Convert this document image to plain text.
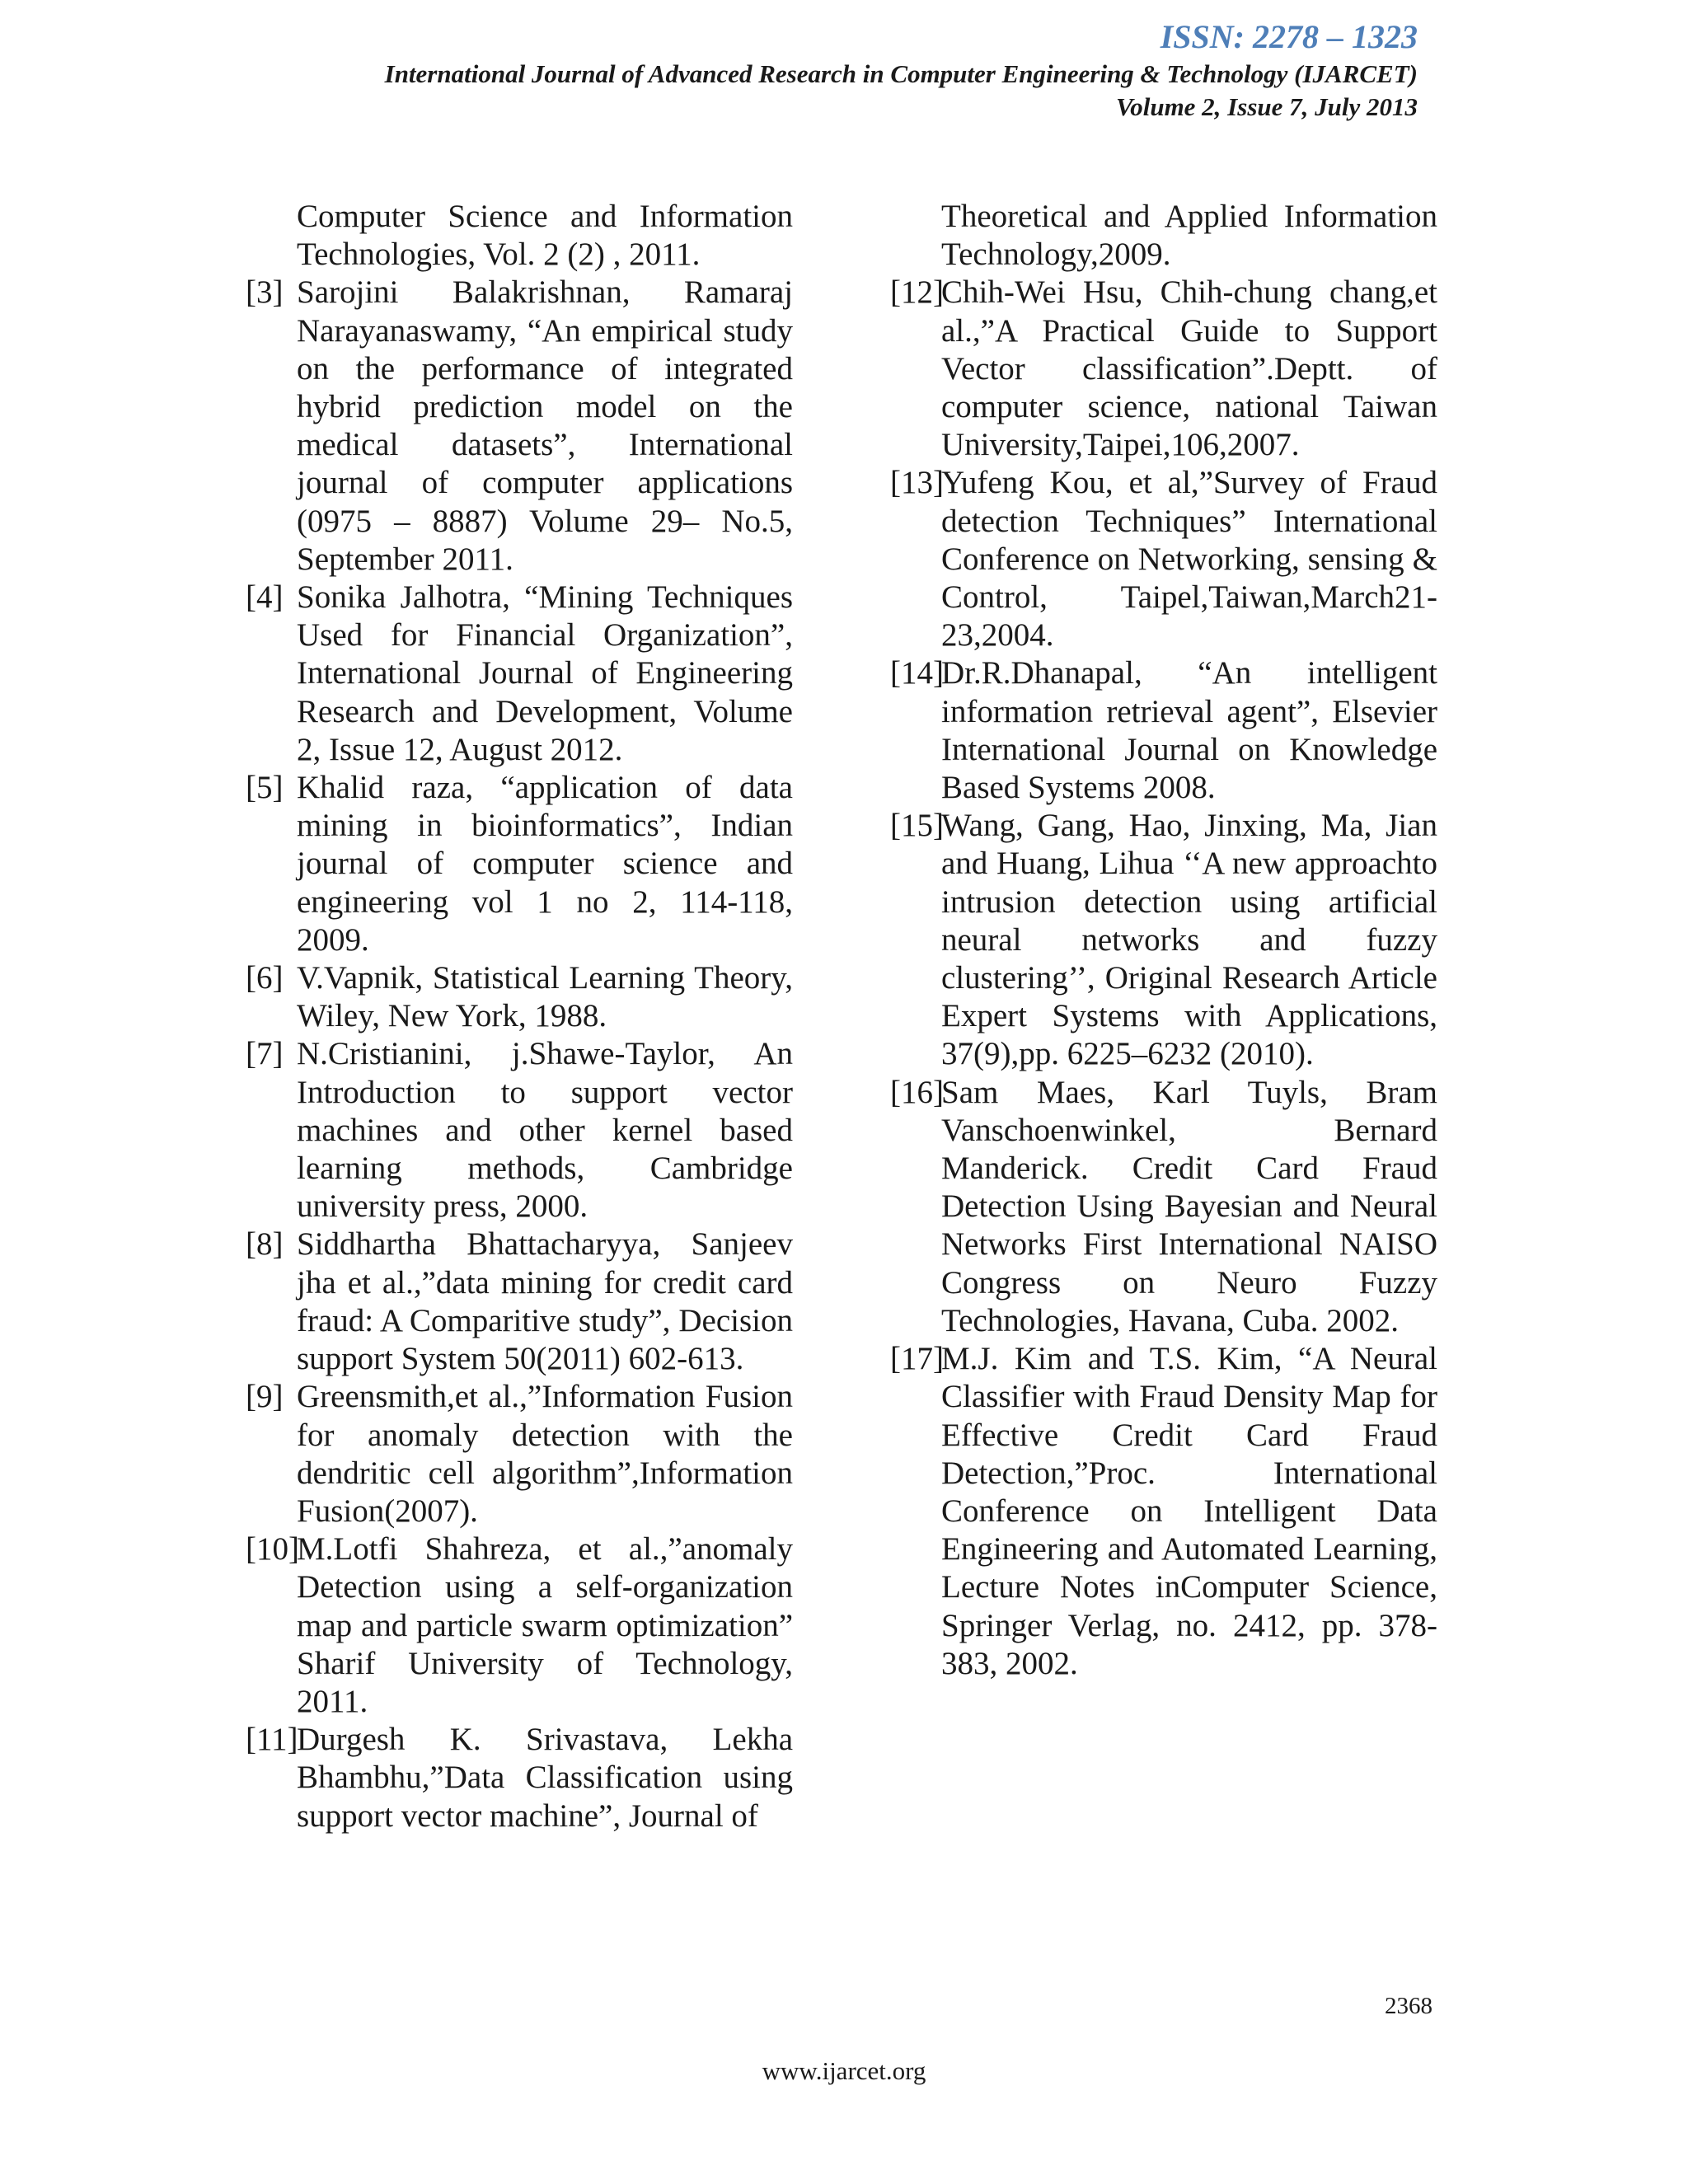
ISSN: 2278 – 1323
International Journal of Advanced Research in Computer Engineering & Technology (IJARCET)
Volume 2, Issue 7, July 2013
Computer Science and Information Technologies, Vol. 2 (2) , 2011.
[3] Sarojini Balakrishnan, Ramaraj Narayanaswamy, “An empirical study on the performance of integrated hybrid prediction model on the medical datasets”, International journal of computer applications (0975 – 8887) Volume 29– No.5, September 2011.
[4] Sonika Jalhotra, “Mining Techniques Used for Financial Organization”, International Journal of Engineering Research and Development, Volume 2, Issue 12, August 2012.
[5] Khalid raza, “application of data mining in bioinformatics”, Indian journal of computer science and engineering vol 1 no 2, 114-118, 2009.
[6] V.Vapnik, Statistical Learning Theory, Wiley, New York, 1988.
[7] N.Cristianini, j.Shawe-Taylor, An Introduction to support vector machines and other kernel based learning methods, Cambridge university press, 2000.
[8] Siddhartha Bhattacharyya, Sanjeev jha et al.,”data mining for credit card fraud: A Comparitive study”, Decision support System 50(2011) 602-613.
[9] Greensmith,et al.,”Information Fusion for anomaly detection with the dendritic cell algorithm”,Information Fusion(2007).
[10]
M.Lotfi Shahreza, et al.,”anomaly Detection using a self-organization map and particle swarm optimization” Sharif University of Technology, 2011.
[11]
Durgesh K. Srivastava, Lekha Bhambhu,”Data Classification using support vector machine”, Journal of
Theoretical and Applied Information Technology,2009.
[12]
Chih-Wei Hsu, Chih-chung chang,et al.,”A Practical Guide to Support Vector classification”.Deptt. of computer science, national Taiwan University,Taipei,106,2007.
[13]
Yufeng Kou, et al,”Survey of Fraud detection Techniques” International Conference on Networking, sensing & Control, Taipel,Taiwan,March21-23,2004.
[14]
Dr.R.Dhanapal, “An intelligent information retrieval agent”, Elsevier International Journal on Knowledge Based Systems 2008.
[15]
Wang, Gang, Hao, Jinxing, Ma, Jian and Huang, Lihua ‘‘A new approachto intrusion detection using artificial neural networks and fuzzy clustering’’, Original Research Article Expert Systems with Applications, 37(9),pp. 6225–6232 (2010).
[16]
Sam Maes, Karl Tuyls, Bram Vanschoenwinkel, Bernard Manderick. Credit Card Fraud Detection Using Bayesian and Neural Networks First International NAISO Congress on Neuro Fuzzy Technologies, Havana, Cuba. 2002.
[17]
M.J. Kim and T.S. Kim, “A Neural Classifier with Fraud Density Map for Effective Credit Card Fraud Detection,”Proc. International Conference on Intelligent Data Engineering and Automated Learning, Lecture Notes inComputer Science, Springer Verlag, no. 2412, pp. 378-383, 2002.
2368
www.ijarcet.org
